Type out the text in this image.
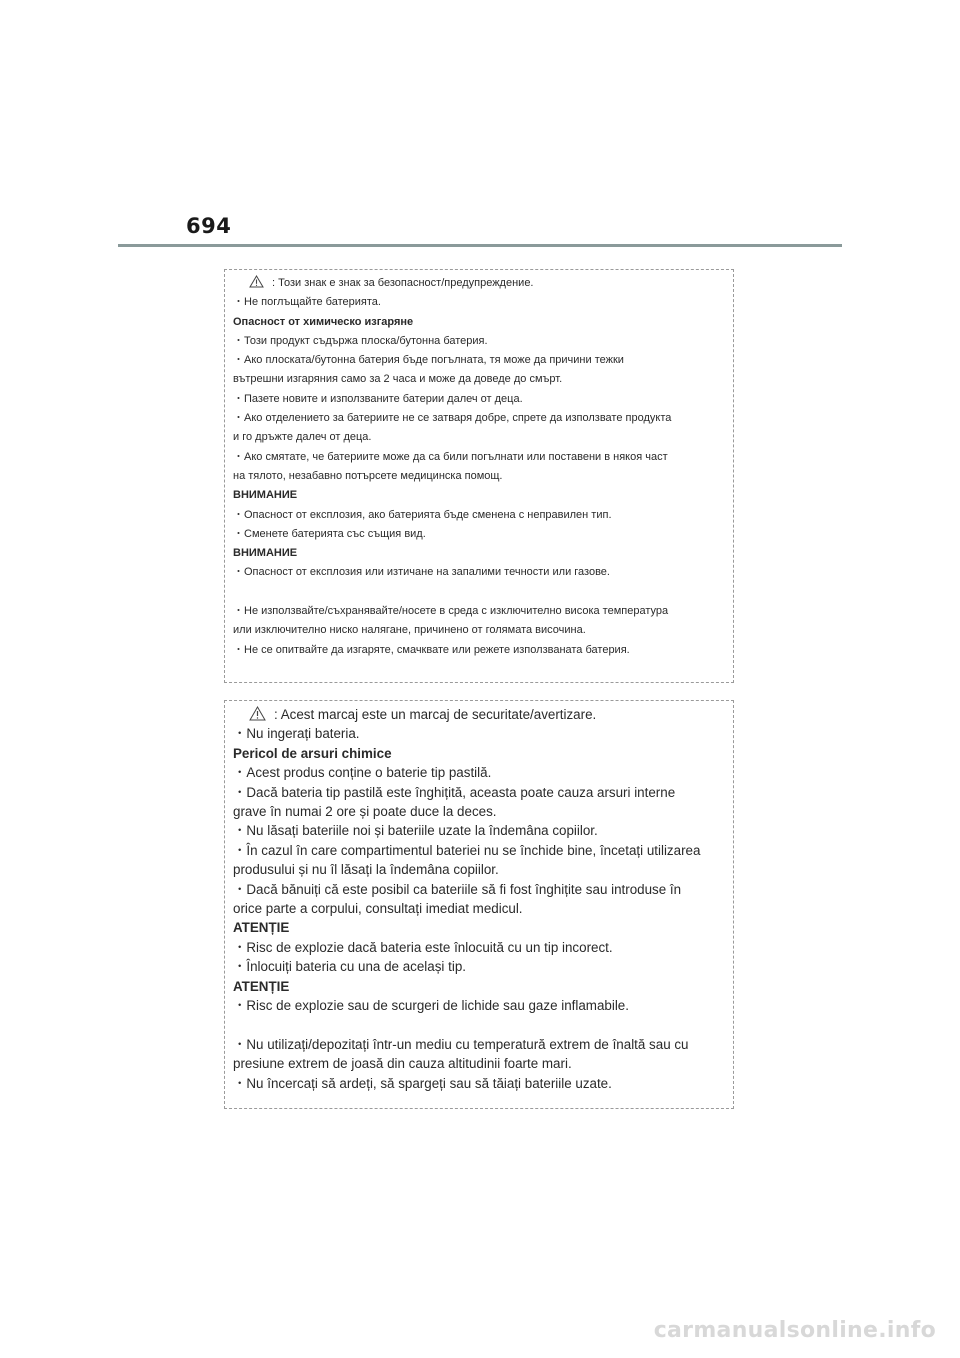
694
: Този знак е знак за безопасност/предупреждение.
・Не поглъщайте батерията.
Опасност от химическо изгаряне
・Този продукт съдържа плоска/бутонна батерия.
・Ако плоската/бутонна батерия бъде погълната, тя може да причини тежки
вътрешни изгаряния само за 2 часа и може да доведе до смърт.
・Пазете новите и използваните батерии далеч от деца.
・Ако отделението за батериите не се затваря добре, спрете да използвате продукта
и го дръжте далеч от деца.
・Ако смятате, че батериите може да са били погълнати или поставени в някоя част
на тялото, незабавно потърсете медицинска помощ.
ВНИМАНИЕ
・Опасност от експлозия, ако батерията бъде сменена с неправилен тип.
・Сменете батерията със същия вид.
ВНИМАНИЕ
・Опасност от експлозия или изтичане на запалими течности или газове.
・Не използвайте/съхранявайте/носете в среда с изключително висока температура
или изключително ниско налягане, причинено от голямата височина.
・Не се опитвайте да изгаряте, смачквате или режете използваната батерия.
: Acest marcaj este un marcaj de securitate/avertizare.
・Nu ingerați bateria.
Pericol de arsuri chimice
・Acest produs conține o baterie tip pastilă.
・Dacă bateria tip pastilă este înghițită, aceasta poate cauza arsuri interne
grave în numai 2 ore și poate duce la deces.
・Nu lăsați bateriile noi și bateriile uzate la îndemâna copiilor.
・În cazul în care compartimentul bateriei nu se închide bine, încetați utilizarea
produsului și nu îl lăsați la îndemâna copiilor.
・Dacă bănuiți că este posibil ca bateriile să fi fost înghițite sau introduse în
orice parte a corpului, consultați imediat medicul.
ATENȚIE
・Risc de explozie dacă bateria este înlocuită cu un tip incorect.
・Înlocuiți bateria cu una de același tip.
ATENȚIE
・Risc de explozie sau de scurgeri de lichide sau gaze inflamabile.
・Nu utilizați/depozitați într-un mediu cu temperatură extrem de înaltă sau cu
presiune extrem de joasă din cauza altitudinii foarte mari.
・Nu încercați să ardeți, să spargeți sau să tăiați bateriile uzate.
carmanualsonline.info
